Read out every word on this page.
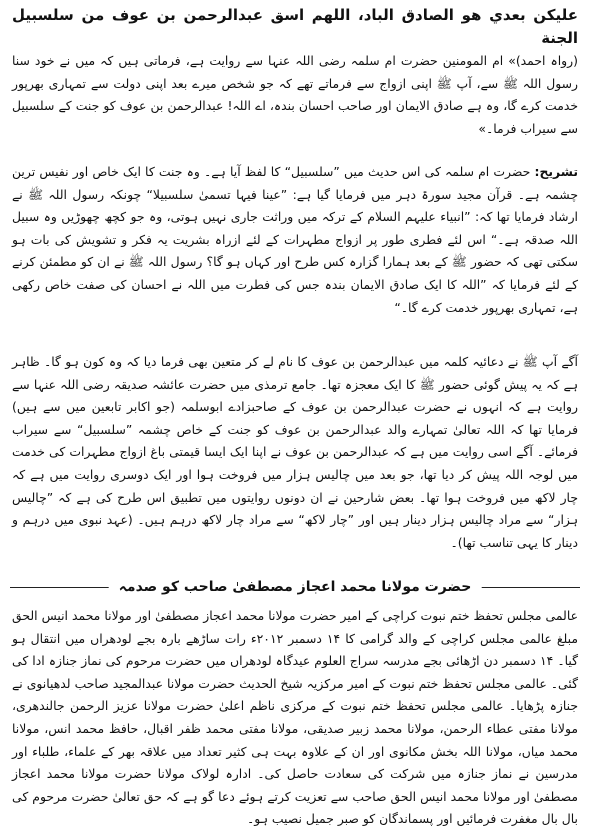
عليكن بعدي هو الصادق الباد، اللهم اسق عبدالرحمن بن عوف من سلسبيل الجنة

(رواہ احمد)» ام المومنین حضرت ام سلمہ رضی اللہ عنہا سے روایت ہے، فرماتی ہیں کہ میں نے خود سنا رسول اللہ ﷺ سے، آپ ﷺ اپنی ازواج سے فرماتے تھے کہ جو شخص میرے بعد اپنی دولت سے تمہاری بھرپور خدمت کرے گا، وہ ہے صادق الایمان اور صاحب احسان بندہ، اے اللہ! عبدالرحمن بن عوف کو جنت کے سلسبیل سے سیراب فرما۔»

تشریح: حضرت ام سلمہ کی اس حدیث میں ”سلسبیل“ کا لفظ آیا ہے۔ وہ جنت کا ایک خاص اور نفیس ترین چشمہ ہے۔ قرآن مجید سورۃ دہر میں فرمایا گیا ہے: ”عینا فیہا تسمیٰ سلسبیلا“ چونکہ رسول اللہ ﷺ نے ارشاد فرمایا تھا کہ: ”انبیاء علیہم السلام کے ترکہ میں وراثت جاری نہیں ہوتی، وہ جو کچھ چھوڑیں وہ سبیل اللہ صدقہ ہے۔“ اس لئے فطری طور پر ازواج مطہرات کے لئے ازراہ بشریت یہ فکر و تشویش کی بات ہو سکتی تھی کہ حضور ﷺ کے بعد ہمارا گزارہ کس طرح اور کہاں ہو گا؟ رسول اللہ ﷺ نے ان کو مطمئن کرنے کے لئے فرمایا کہ ”اللہ کا ایک صادق الایمان بندہ جس کی فطرت میں اللہ نے احسان کی صفت خاص رکھی ہے، تمہاری بھرپور خدمت کرے گا۔“

آگے آپ ﷺ نے دعائیہ کلمہ میں عبدالرحمن بن عوف کا نام لے کر متعین بھی فرما دیا کہ وہ کون ہو گا۔ ظاہر ہے کہ یہ پیش گوئی حضور ﷺ کا ایک معجزہ تھا۔ جامع ترمذی میں حضرت عائشہ صدیقہ رضی اللہ عنہا سے روایت ہے کہ انہوں نے حضرت عبدالرحمن بن عوف کے صاحبزادے ابوسلمہ (جو اکابر تابعین میں سے ہیں) فرمایا تھا کہ اللہ تعالیٰ تمہارے والد عبدالرحمن بن عوف کو جنت کے خاص چشمہ ”سلسبیل“ سے سیراب فرمائے۔ آگے اسی روایت میں ہے کہ عبدالرحمن بن عوف نے اپنا ایک ایسا قیمتی باغ ازواج مطہرات کی خدمت میں لوجہ اللہ پیش کر دیا تھا، جو بعد میں چالیس ہزار میں فروخت ہوا اور ایک دوسری روایت میں ہے کہ چار لاکھ میں فروخت ہوا تھا۔ بعض شارحین نے ان دونوں روایتوں میں تطبیق اس طرح کی ہے کہ ”چالیس ہزار“ سے مراد چالیس ہزار دینار ہیں اور ”چار لاکھ“ سے مراد چار لاکھ درہم ہیں۔ (عہد نبوی میں درہم و دینار کا یہی تناسب تھا)۔

حضرت مولانا محمد اعجاز مصطفیٰ صاحب کو صدمہ

عالمی مجلس تحفظ ختم نبوت کراچی کے امیر حضرت مولانا محمد اعجاز مصطفیٰ اور مولانا محمد انیس الحق مبلغ عالمی مجلس کراچی کے والد گرامی کا ۱۴ دسمبر ۲۰۱۲ء رات ساڑھے بارہ بجے لودھراں میں انتقال ہو گیا۔ ۱۴ دسمبر دن اڑھائی بجے مدرسہ سراج العلوم عیدگاہ لودھراں میں حضرت مرحوم کی نماز جنازہ ادا کی گئی۔ عالمی مجلس تحفظ ختم نبوت کے امیر مرکزیہ شیخ الحدیث حضرت مولانا عبدالمجید صاحب لدھیانوی نے جنازہ پڑھایا۔ عالمی مجلس تحفظ ختم نبوت کے مرکزی ناظم اعلیٰ حضرت مولانا عزیز الرحمن جالندھری، مولانا مفتی عطاء الرحمن، مولانا محمد زبیر صدیقی، مولانا مفتی محمد ظفر اقبال، حافظ محمد انس، مولانا محمد میاں، مولانا اللہ بخش مکانوی اور ان کے علاوہ بہت ہی کثیر تعداد میں علاقہ بھر کے علماء، طلباء اور مدرسین نے نماز جنازہ میں شرکت کی سعادت حاصل کی۔ ادارہ لولاک مولانا حضرت مولانا محمد اعجاز مصطفیٰ اور مولانا محمد انیس الحق صاحب سے تعزیت کرتے ہوئے دعا گو ہے کہ حق تعالیٰ حضرت مرحوم کی بال بال مغفرت فرمائیں اور پسماندگان کو صبر جمیل نصیب ہو۔
